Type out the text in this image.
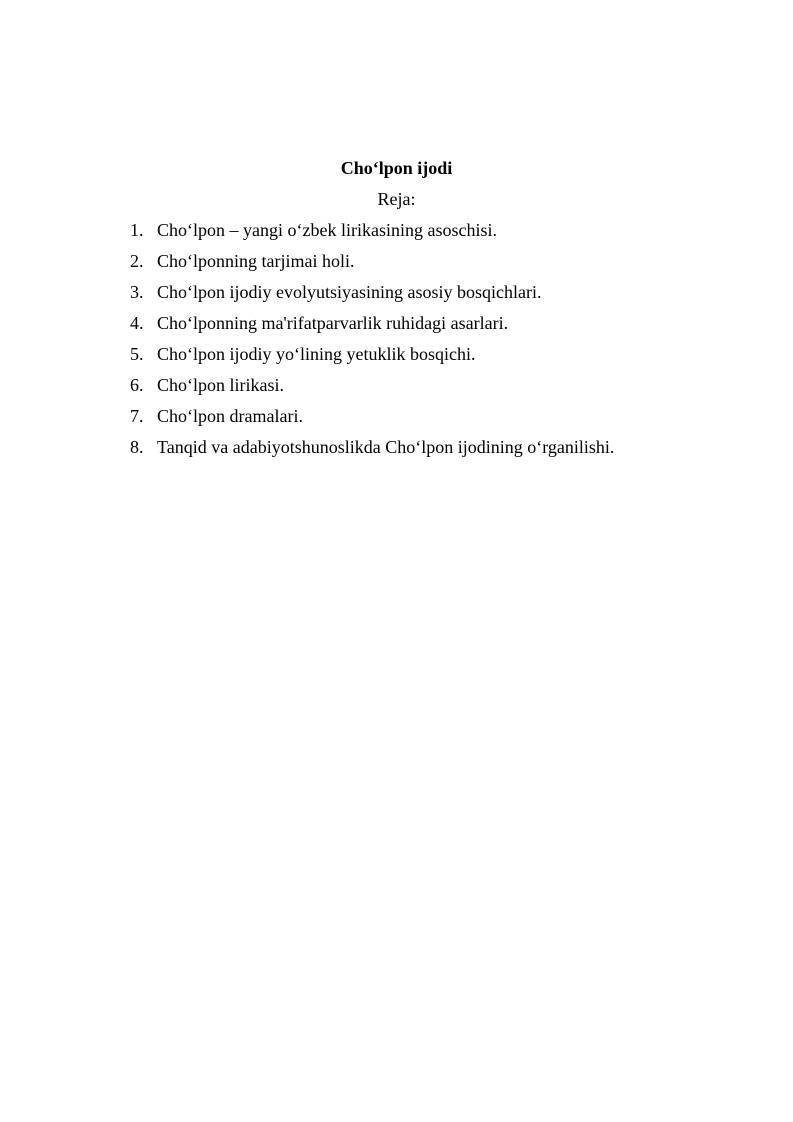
Cho‘lpon ijodi
Reja:
1. Cho‘lpon – yangi o‘zbek lirikasining asoschisi.
2. Cho‘lponning tarjimai holi.
3. Cho‘lpon ijodiy evolyutsiyasining asosiy bosqichlari.
4. Cho‘lponning ma'rifatparvarlik ruhidagi asarlari.
5. Cho‘lpon ijodiy yo‘lining yetuklik bosqichi.
6. Cho‘lpon lirikasi.
7. Cho‘lpon dramalari.
8. Tanqid va adabiyotshunoslikda Cho‘lpon ijodining o‘rganilishi.
